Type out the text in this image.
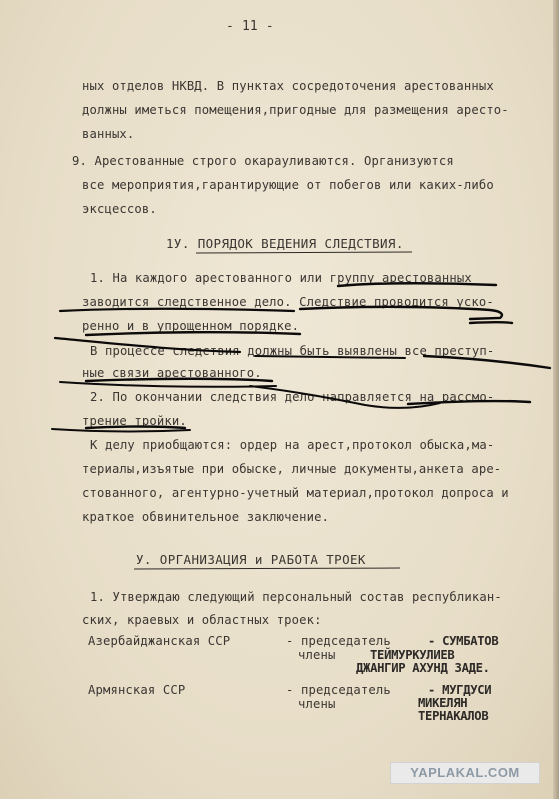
- 11 -
ных отделов НКВД. В пунктах сосредоточения арестованных
должны иметься помещения,пригодные для размещения аресто-
ванных.
9. Арестованные строго окарауливаются. Организуются
все мероприятия,гарантирующие от побегов или каких-либо
эксцессов.
1У. ПОРЯДОК ВЕДЕНИЯ СЛЕДСТВИЯ.
1. На каждого арестованного или группу арестованных
заводится следственное дело. Следствие проводится ускo-
ренно и в упрощенном порядке.
В процессе следствия должны быть выявлены все преступ-
ные связи арестованного.
2. По окончании следствия дело направляется на рассмо-
трение тройки.
К делу приобщаются: ордер на арест,протокол обыска,ма-
териалы,изъятые при обыске, личные документы,анкета аре-
стованного, агентурно-учетный материал,протокол допроса и
краткое обвинительное заключение.
У. ОРГАНИЗАЦИЯ и РАБОТА ТРОЕК
1. Утверждаю следующий персональный состав республикан-
ских, краевых и областных троек:
Азербайджанская ССР	- председатель
члены
- СУМБАТОВ
ТЕЙМУРКУЛИЕВ
ДЖАНГИР АХУНД ЗАДЕ.
Армянская ССР	- председатель
члены
- МУГДУСИ
МИКЕЛЯН
ТЕРНАКАЛОВ
YAPLAKAL.COM
